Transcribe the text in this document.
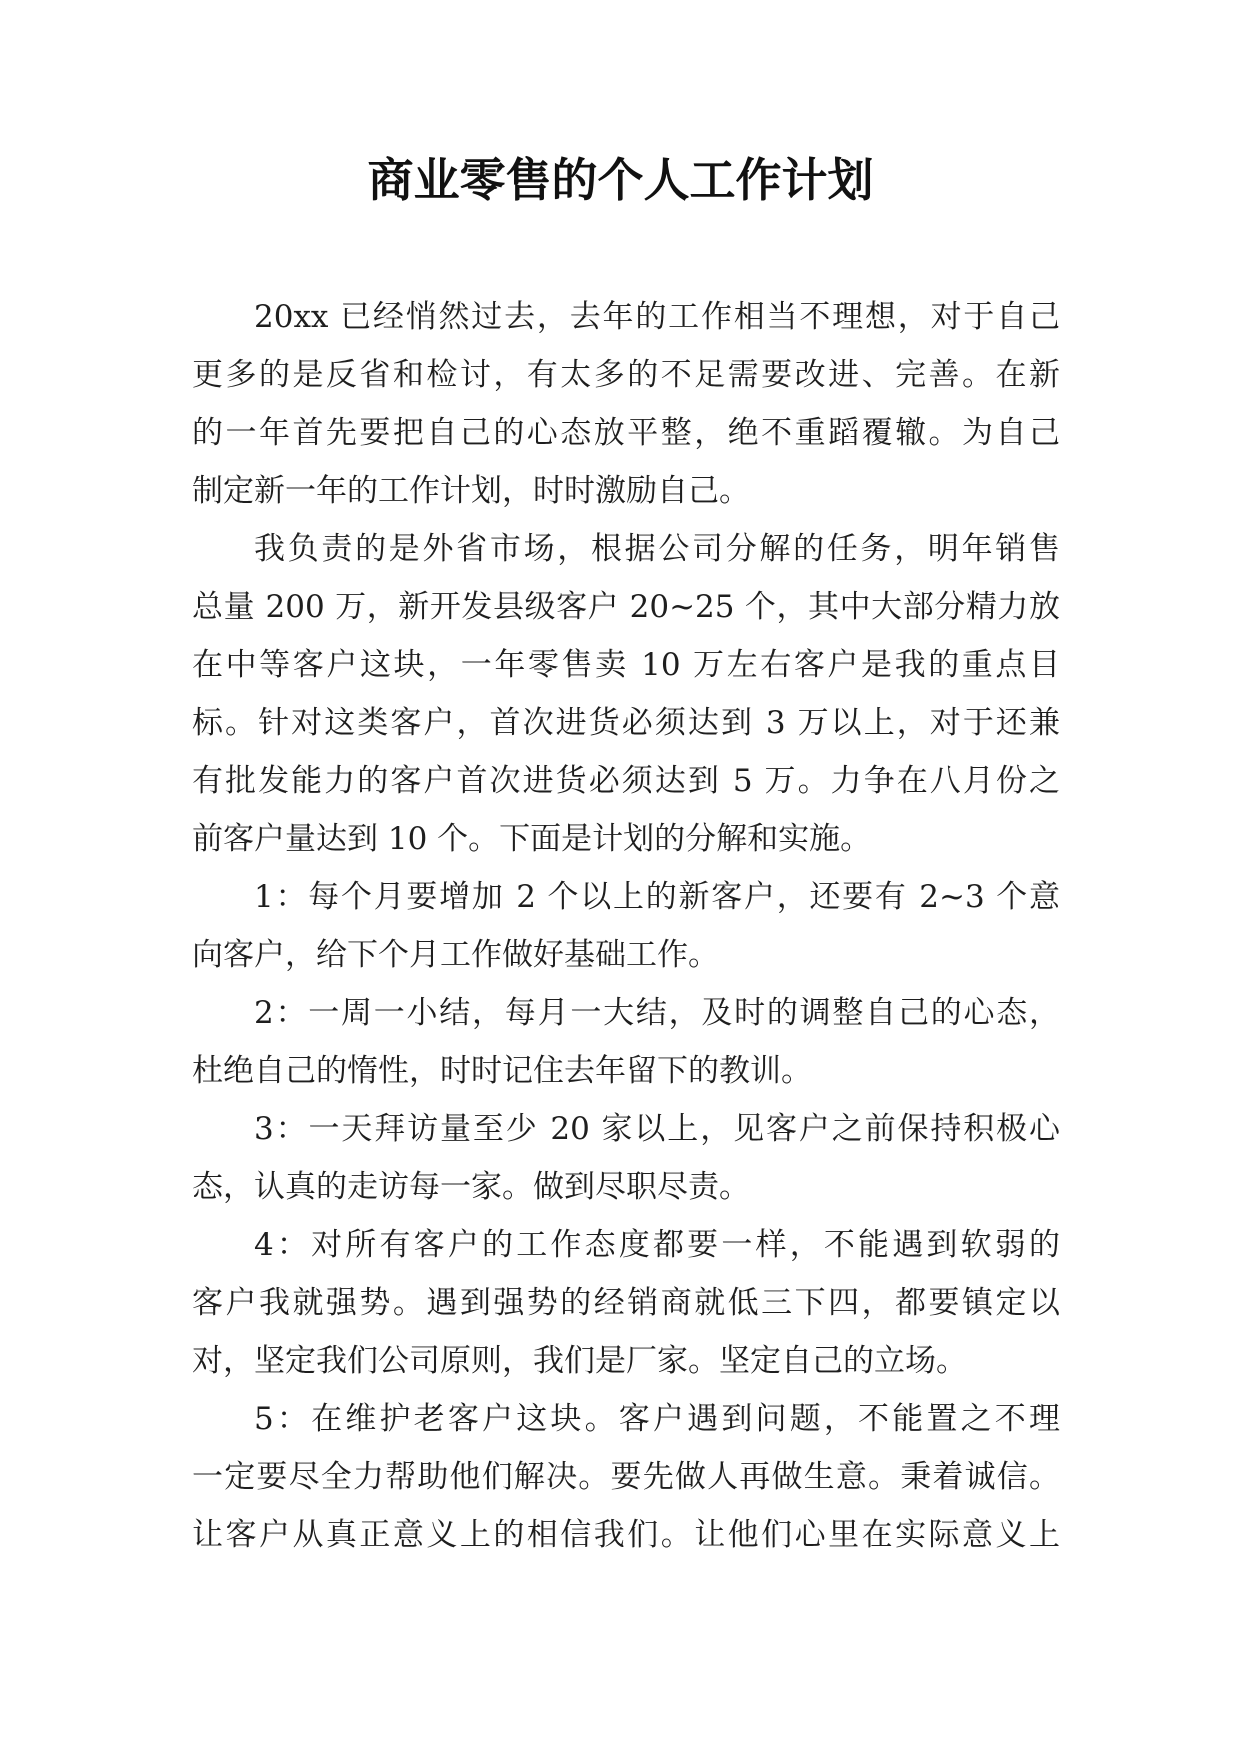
商业零售的个人工作计划
20xx 已经悄然过去，去年的工作相当不理想，对于自己
更多的是反省和检讨，有太多的不足需要改进、完善。在新
的一年首先要把自己的心态放平整，绝不重蹈覆辙。为自己
制定新一年的工作计划，时时激励自己。
我负责的是外省市场，根据公司分解的任务，明年销售
总量 200 万，新开发县级客户 20~25 个，其中大部分精力放
在中等客户这块，一年零售卖 10 万左右客户是我的重点目
标。针对这类客户，首次进货必须达到 3 万以上，对于还兼
有批发能力的客户首次进货必须达到 5 万。力争在八月份之
前客户量达到 10 个。下面是计划的分解和实施。
1：每个月要增加 2 个以上的新客户，还要有 2~3 个意
向客户，给下个月工作做好基础工作。
2：一周一小结，每月一大结，及时的调整自己的心态，
杜绝自己的惰性，时时记住去年留下的教训。
3：一天拜访量至少 20 家以上，见客户之前保持积极心
态，认真的走访每一家。做到尽职尽责。
4：对所有客户的工作态度都要一样，不能遇到软弱的
客户我就强势。遇到强势的经销商就低三下四，都要镇定以
对，坚定我们公司原则，我们是厂家。坚定自己的立场。
5：在维护老客户这块。客户遇到问题，不能置之不理
一定要尽全力帮助他们解决。要先做人再做生意。秉着诚信。
让客户从真正意义上的相信我们。让他们心里在实际意义上
